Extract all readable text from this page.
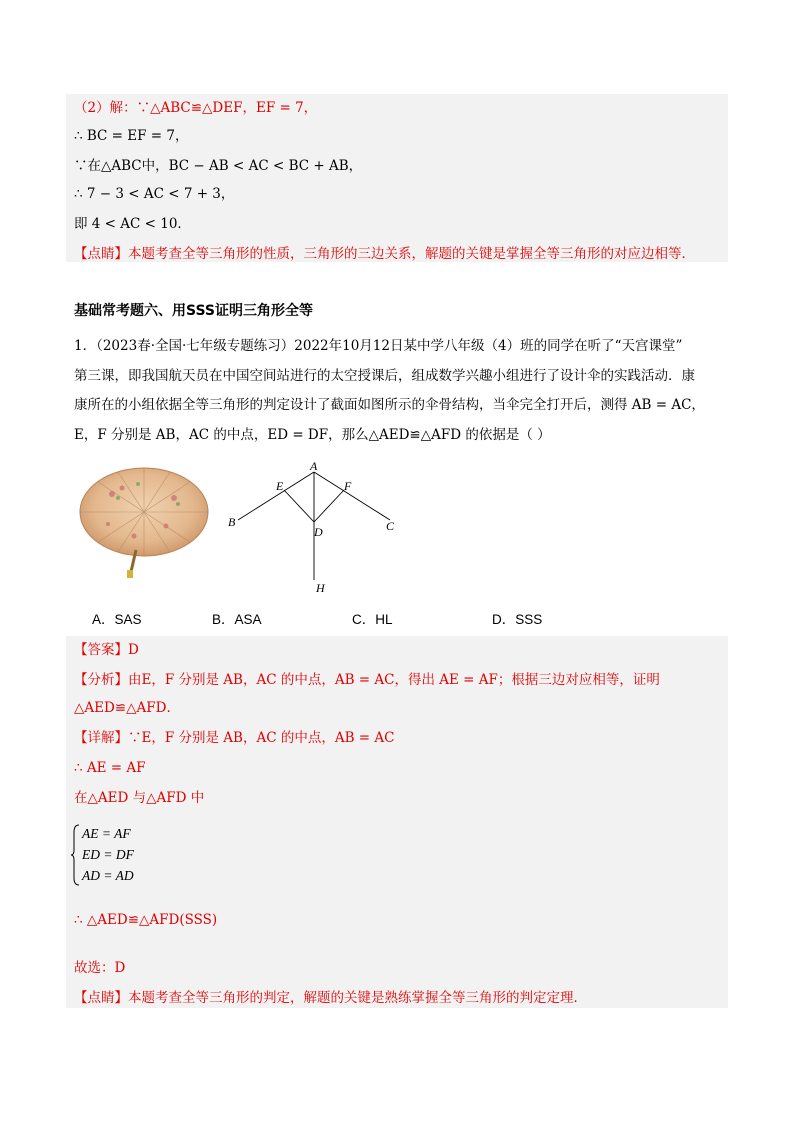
（2）解：∵△ABC≌△DEF，EF = 7，
∴ BC = EF = 7，
∵在△ABC中，BC − AB < AC < BC + AB，
∴ 7 − 3 < AC < 7 + 3，
即 4 < AC < 10．
【点睛】本题考查全等三角形的性质，三角形的三边关系，解题的关键是掌握全等三角形的对应边相等．
基础常考题六、用SSS证明三角形全等
1．（2023春·全国·七年级专题练习）2022年10月12日某中学八年级（4）班的同学在听了“天宫课堂”
第三课，即我国航天员在中国空间站进行的太空授课后，组成数学兴趣小组进行了设计伞的实践活动．康
康所在的小组依据全等三角形的判定设计了截面如图所示的伞骨结构，当伞完全打开后，测得 AB = AC，
E，F 分别是 AB，AC 的中点，ED = DF，那么△AED≌△AFD 的依据是（ ）
A
B	C
D
E	F
H
A．SAS	B．ASA	C．HL	D．SSS
【答案】D
【分析】由E，F 分别是 AB，AC 的中点，AB = AC，得出 AE = AF；根据三边对应相等，证明
△AED≌△AFD．
【详解】∵E，F 分别是 AB，AC 的中点，AB = AC
∴ AE = AF
在△AED 与△AFD 中
AE = AF
ED = DF
AD = AD
∴ △AED≌△AFD(SSS)
故选：D
【点睛】本题考查全等三角形的判定，解题的关键是熟练掌握全等三角形的判定定理．
